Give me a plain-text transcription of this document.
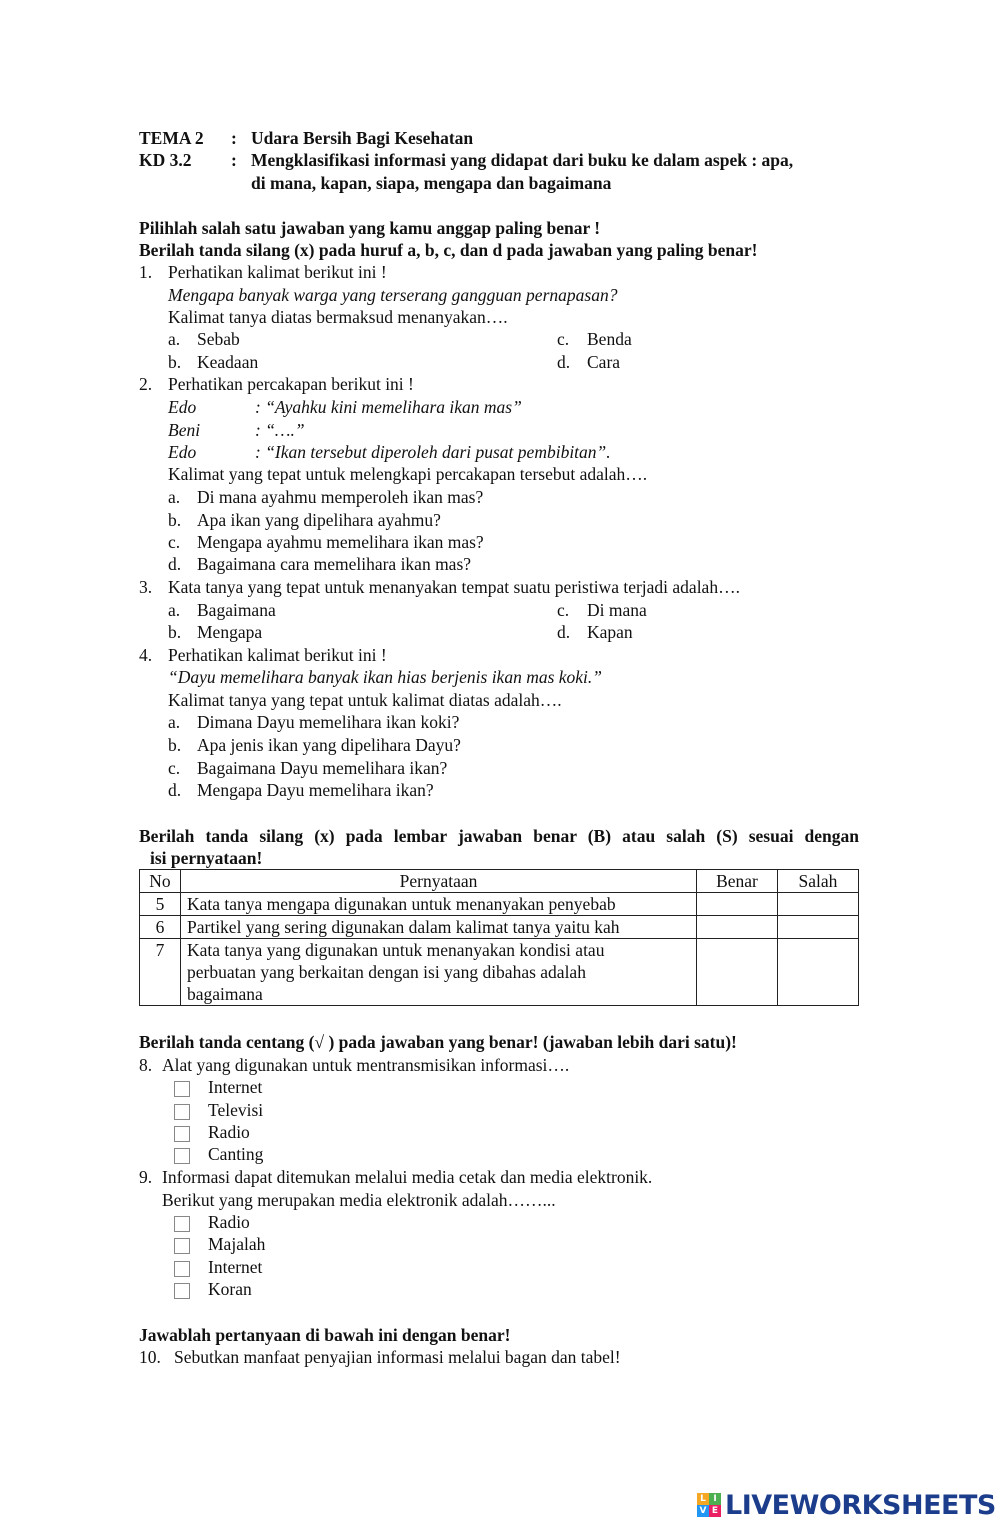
TEMA 2 : Udara Bersih Bagi Kesehatan
KD 3.2 : Mengklasifikasi informasi yang didapat dari buku ke dalam aspek : apa,
di mana, kapan, siapa, mengapa dan bagaimana
Pilihlah salah satu jawaban yang kamu anggap paling benar !
Berilah tanda silang (x) pada huruf a, b, c, dan d pada jawaban yang paling benar!
1. Perhatikan kalimat berikut ini !
Mengapa banyak warga yang terserang gangguan pernapasan?
Kalimat tanya diatas bermaksud menanyakan….
a. Sebab	c. Benda
b. Keadaan	d. Cara
2. Perhatikan percakapan berikut ini !
Edo	: “Ayahku kini memelihara ikan mas”
Beni	: “….”
Edo	: “Ikan tersebut diperoleh dari pusat pembibitan”.
Kalimat yang tepat untuk melengkapi percakapan tersebut adalah….
a. Di mana ayahmu memperoleh ikan mas?
b. Apa ikan yang dipelihara ayahmu?
c. Mengapa ayahmu memelihara ikan mas?
d. Bagaimana cara memelihara ikan mas?
3. Kata tanya yang tepat untuk menanyakan tempat suatu peristiwa terjadi adalah….
a. Bagaimana	c. Di mana
b. Mengapa	d. Kapan
4. Perhatikan kalimat berikut ini !
“Dayu memelihara banyak ikan hias berjenis ikan mas koki.”
Kalimat tanya yang tepat untuk kalimat diatas adalah….
a. Dimana Dayu memelihara ikan koki?
b. Apa jenis ikan yang dipelihara Dayu?
c. Bagaimana Dayu memelihara ikan?
d. Mengapa Dayu memelihara ikan?
Berilah tanda silang (x) pada lembar jawaban benar (B) atau salah (S) sesuai dengan
isi pernyataan!
No	Pernyataan	Benar	Salah
5	Kata tanya mengapa digunakan untuk menanyakan penyebab		
6	Partikel yang sering digunakan dalam kalimat tanya yaitu kah		
7	Kata tanya yang digunakan untuk menanyakan kondisi atau
perbuatan yang berkaitan dengan isi yang dibahas adalah
bagaimana		

Berilah tanda centang (√ ) pada jawaban yang benar! (jawaban lebih dari satu)!
8. Alat yang digunakan untuk mentransmisikan informasi….
Internet
Televisi
Radio
Canting
9. Informasi dapat ditemukan melalui media cetak dan media elektronik.
Berikut yang merupakan media elektronik adalah……...
Radio
Majalah
Internet
Koran
Jawablah pertanyaan di bawah ini dengan benar!
10. Sebutkan manfaat penyajian informasi melalui bagan dan tabel!
L I
V E LIVEWORKSHEETS
